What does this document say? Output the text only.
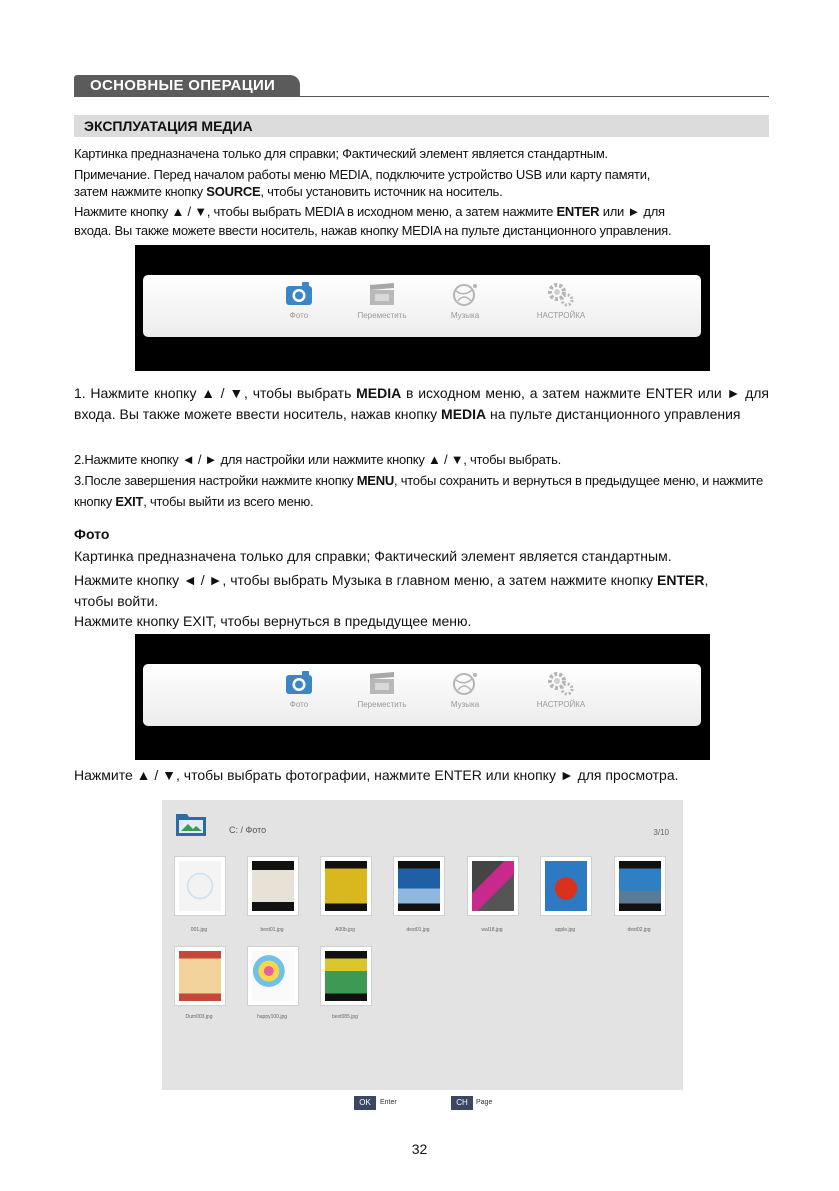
ОСНОВНЫЕ ОПЕРАЦИИ
ЭКСПЛУАТАЦИЯ МЕДИА

Картинка предназначена только для справки; Фактический элемент является стандартным.

Примечание. Перед началом работы меню MEDIA, подключите устройство USB или карту памяти,

затем нажмите кнопку SOURCE, чтобы установить источник на носитель.

Нажмите кнопку ▲ / ▼, чтобы выбрать MEDIA в исходном меню, а затем нажмите ENTER или ► для

входа. Вы также можете ввести носитель, нажав кнопку MEDIA на пульте дистанционного управления.

Фото	Переместить	Музыка	НАСТРОЙКА

1. Нажмите кнопку ▲ / ▼, чтобы выбрать MEDIA в исходном меню, а затем нажмите ENTER или ► для входа. Вы также можете ввести носитель, нажав кнопку MEDIA на пульте дистанционного управления

2.Нажмите кнопку ◄ / ► для настройки или нажмите кнопку ▲ / ▼, чтобы выбрать.

3.После завершения настройки нажмите кнопку MENU, чтобы сохранить и вернуться в предыдущее меню, и нажмите кнопку EXIT, чтобы выйти из всего меню.

Фото

Картинка предназначена только для справки; Фактический элемент является стандартным.

Нажмите кнопку ◄ / ►, чтобы выбрать Музыка в главном меню, а затем нажмите кнопку ENTER,

чтобы войти.

Нажмите кнопку EXIT, чтобы вернуться в предыдущее меню.

Фото	Переместить	Музыка	НАСТРОЙКА

Нажмите ▲ / ▼, чтобы выбрать фотографии, нажмите ENTER или кнопку ► для просмотра.

C: / Фото	3/10
001.jpg	bext01.jpg	A00b.jpg	dest01.jpg	wal18.jpg	apple.jpg	dest02.jpg
Dum003.jpg	happy100.jpg	bext085.jpg
OK	Enter	CH	Page
32
